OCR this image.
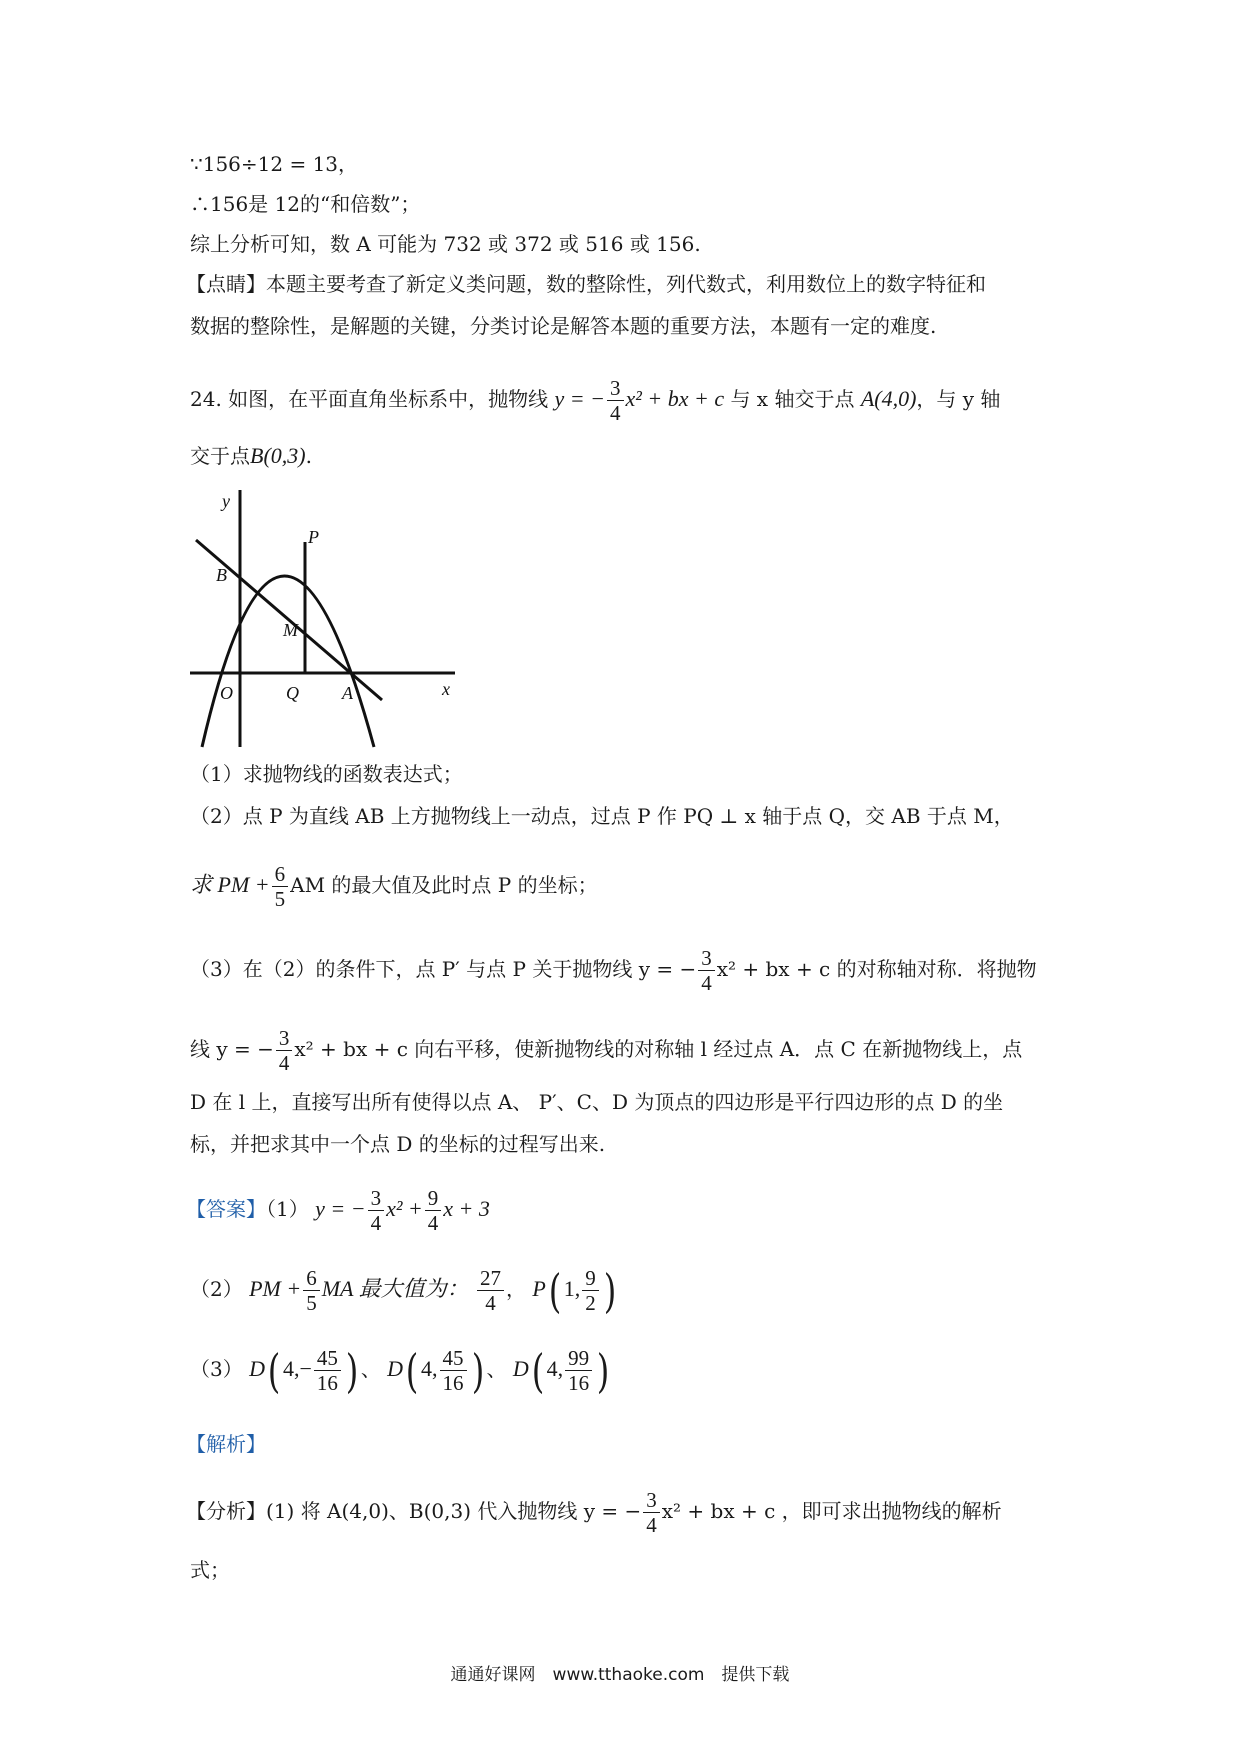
∵156÷12 = 13，
∴156是 12的“和倍数”；
综上分析可知，数 A 可能为 732 或 372 或 516 或 156.
【点睛】本题主要考查了新定义类问题，数的整除性，列代数式，利用数位上的数字特征和
数据的整除性，是解题的关键，分类讨论是解答本题的重要方法，本题有一定的难度.
24. 如图，在平面直角坐标系中，抛物线 y = − $\frac{3}{4} x^2$ + bx + c 与 x 轴交于点 A(4,0)，与 y 轴
交于点B(0,3).
y
B
P
M
O	Q A	x
（1）求抛物线的函数表达式；
（2）点 P 为直线 AB 上方抛物线上一动点，过点 P 作 PQ ⊥ x 轴于点 Q，交 AB 于点 M，
求 PM + $\frac{6}{5}$ AM 的最大值及此时点 P 的坐标；
（3）在（2）的条件下，点 P′ 与点 P 关于抛物线 y = − $\frac{3}{4} x^2$ + bx + c 的对称轴对称．将抛物
线 y = − $\frac{3}{4} x^2$ + bx + c 向右平移，使新抛物线的对称轴 l 经过点 A．点 C 在新抛物线上，点
D 在 l 上，直接写出所有使得以点 A、 P′、C、D 为顶点的四边形是平行四边形的点 D 的坐
标，并把求其中一个点 D 的坐标的过程写出来.
【答案】（1） y = − $\frac{3}{4} x^2 + \frac{9}{4}$ x + 3
（2） PM + $\frac{6}{5}$ MA 最大值为： $\frac{27}{4}$ ， P( 1, $\frac{9}{2}$ )
（3） D( $4,- \frac{45}{16}$ ) 、 D( 4, $\frac{45}{16}$ ) 、 D( 4, $\frac{99}{16}$ )
【解析】
【分析】(1) 将 A(4,0)、B(0,3) 代入抛物线 y = − $\frac{3}{4} x^2$ + bx + c ，即可求出抛物线的解析
式；
通通好课网　www.tthaoke.com　提供下载
